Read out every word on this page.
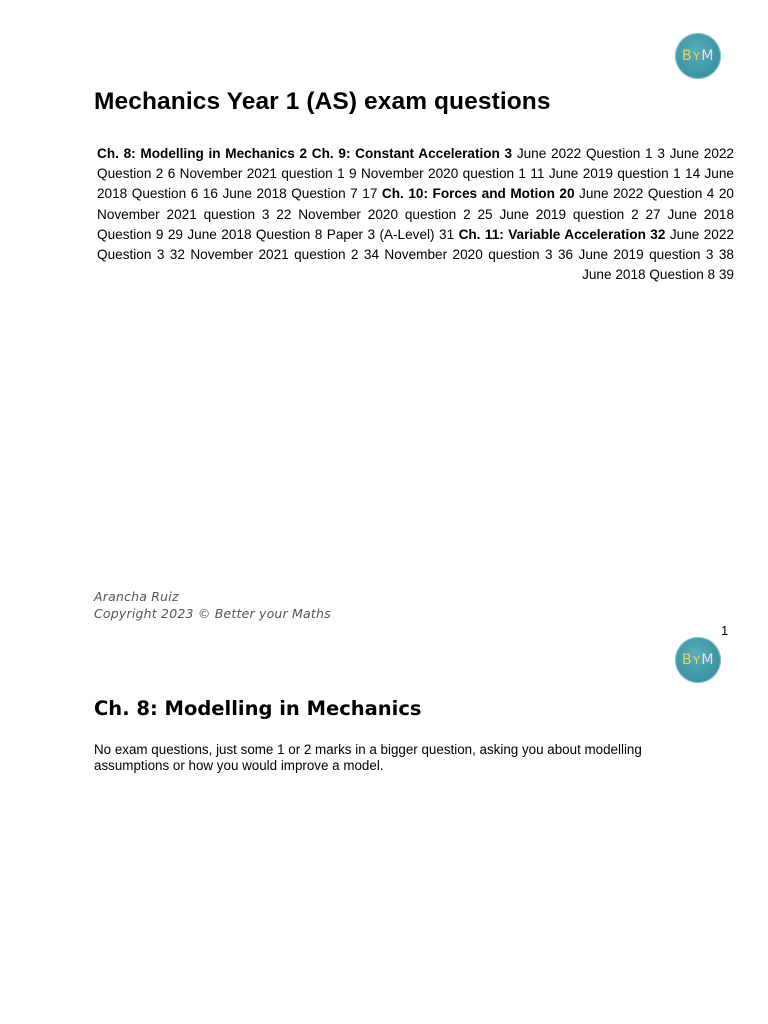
B Y M
Mechanics Year 1 (AS) exam questions

Ch. 8: Modelling in Mechanics 2 Ch. 9: Constant Acceleration 3 June 2022 Question 1 3 June 2022 Question 2 6 November 2021 question 1 9 November 2020 question 1 11 June 2019 question 1 14 June 2018 Question 6 16 June 2018 Question 7 17 Ch. 10: Forces and Motion 20 June 2022 Question 4 20 November 2021 question 3 22 November 2020 question 2 25 June 2019 question 2 27 June 2018 Question 9 29 June 2018 Question 8 Paper 3 (A-Level) 31 Ch. 11: Variable Acceleration 32 June 2022 Question 3 32 November 2021 question 2 34 November 2020 question 3 36 June 2019 question 3 38 June 2018 Question 8 39

Arancha Ruiz
Copyright 2023 © Better your Maths
1
B Y M
Ch. 8: Modelling in Mechanics

No exam questions, just some 1 or 2 marks in a bigger question, asking you about modelling assumptions or how you would improve a model.
